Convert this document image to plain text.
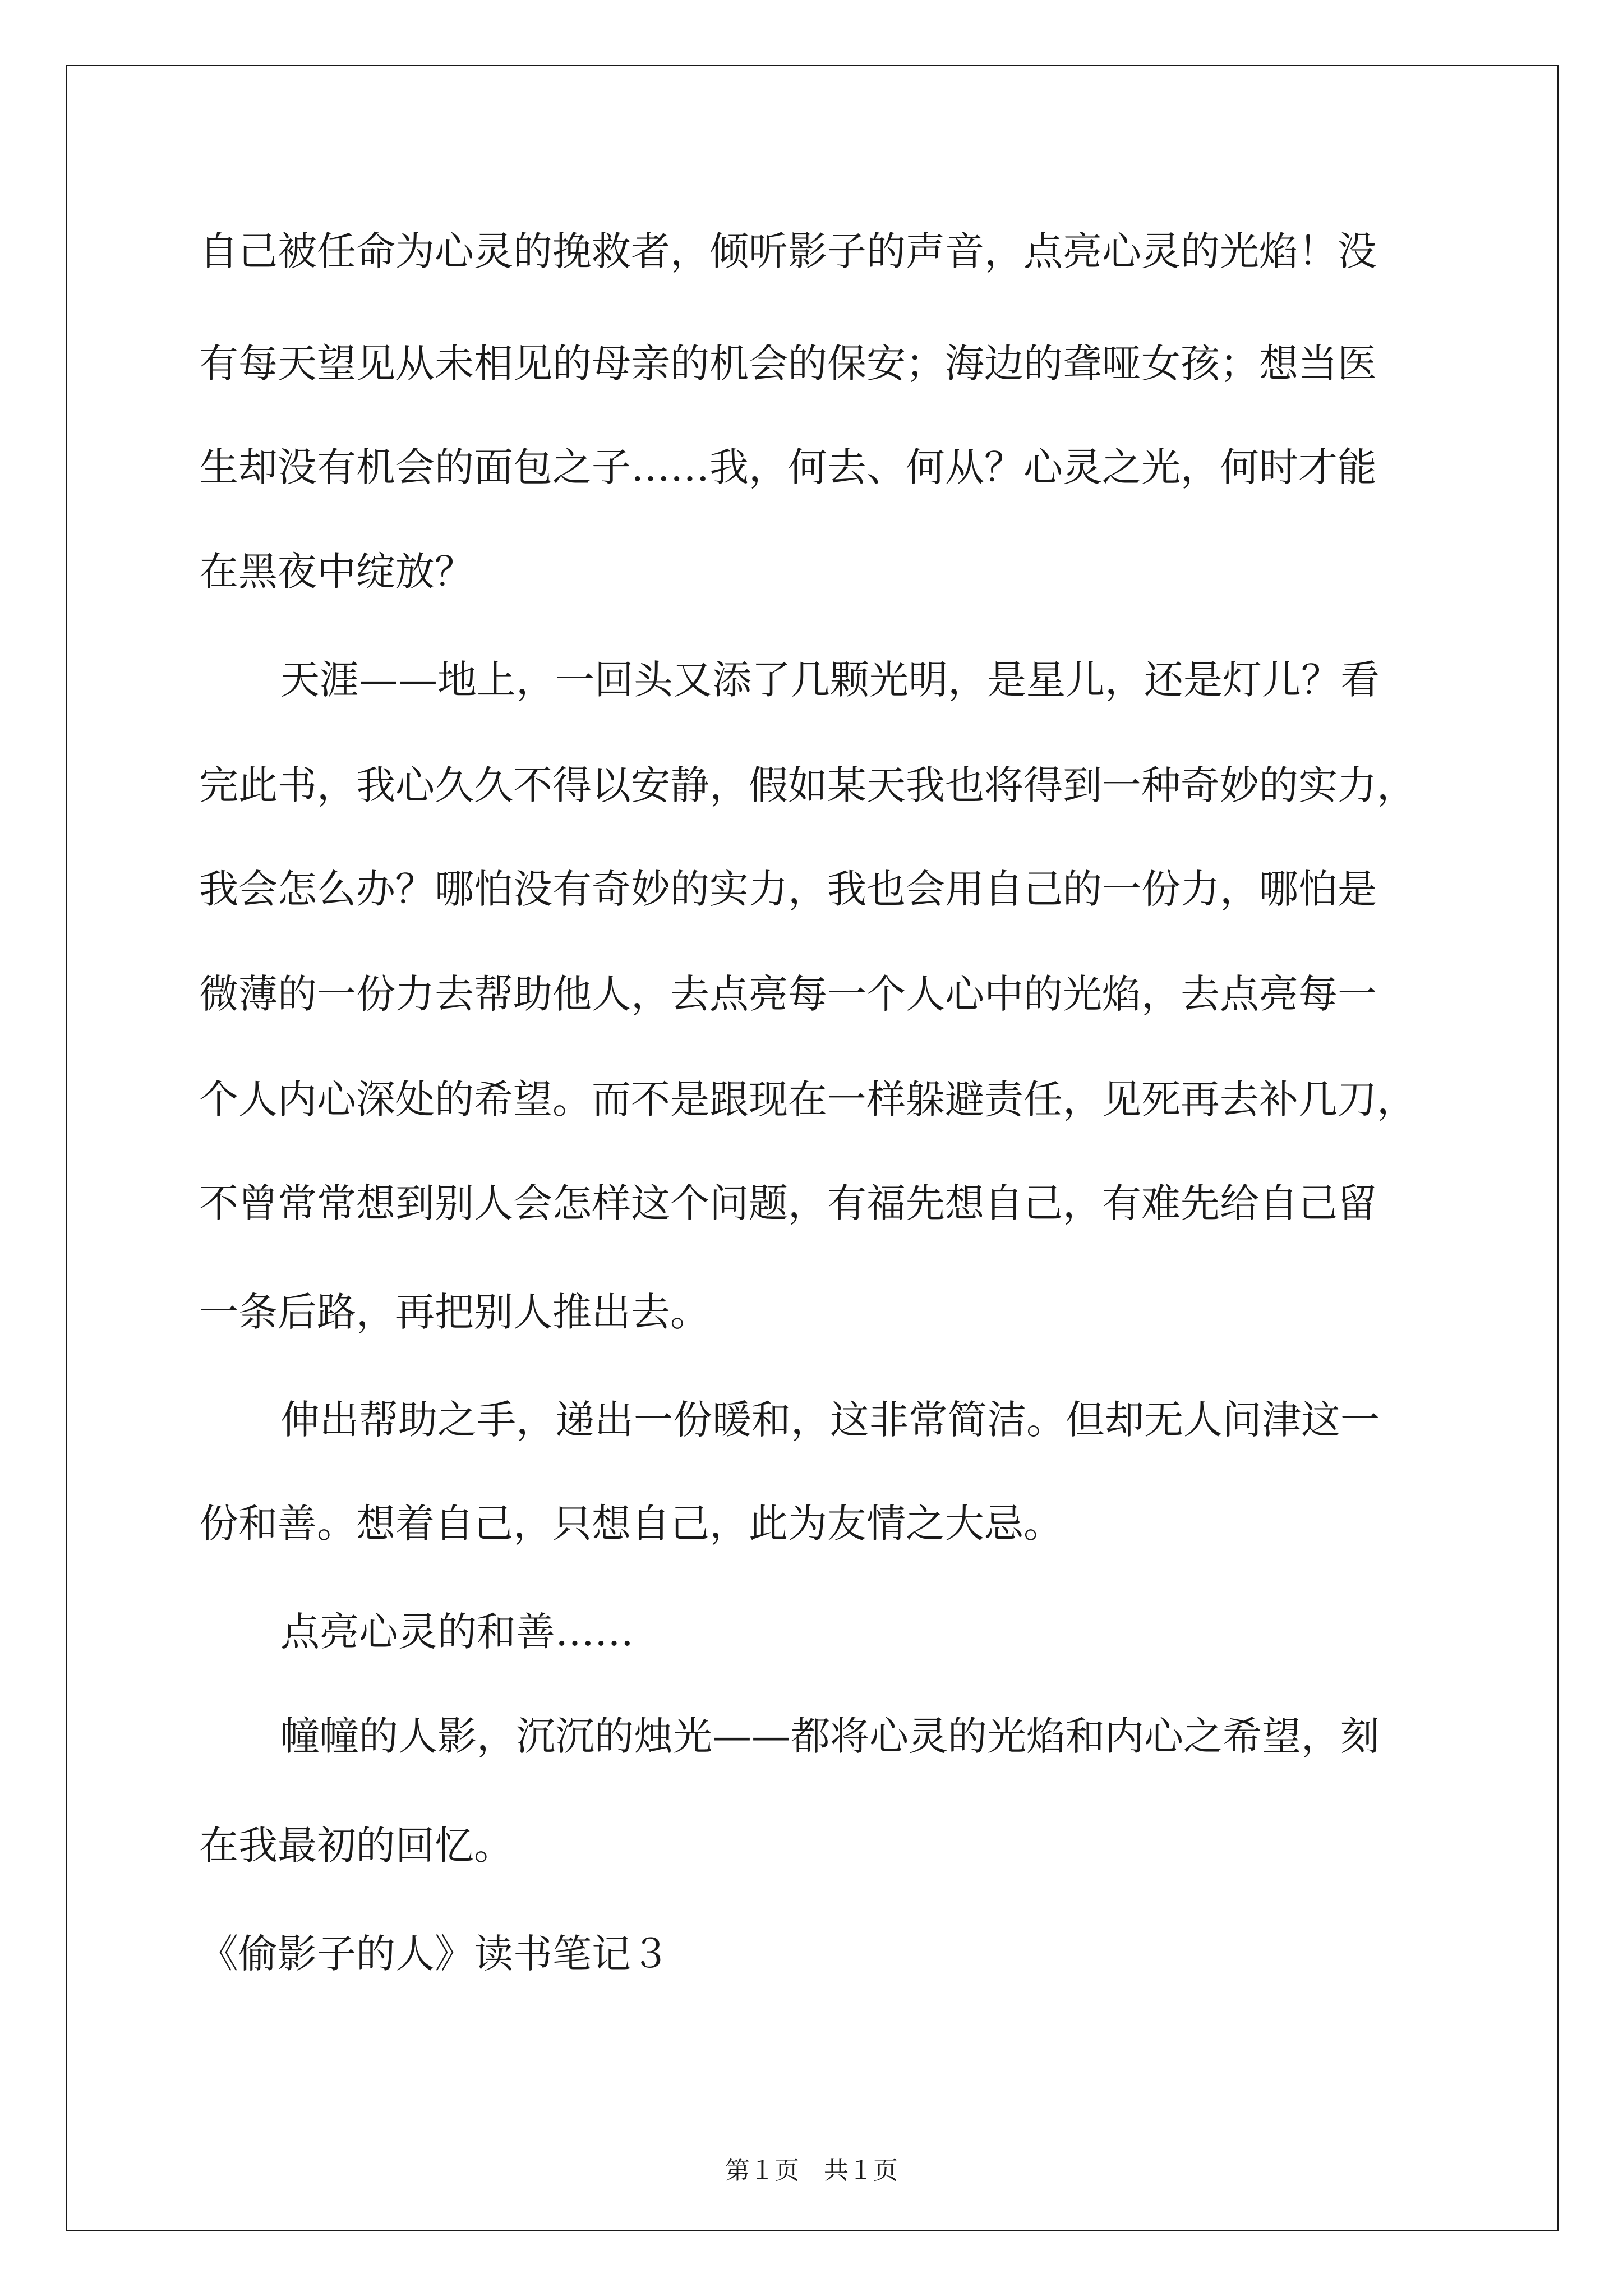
自己被任命为心灵的挽救者，倾听影子的声音，点亮心灵的光焰！没
有每天望见从未相见的母亲的机会的保安；海边的聋哑女孩；想当医
生却没有机会的面包之子……我，何去、何从？心灵之光，何时才能
在黑夜中绽放？
天涯——地上，一回头又添了几颗光明，是星儿，还是灯儿？看
完此书，我心久久不得以安静，假如某天我也将得到一种奇妙的实力，
我会怎么办？哪怕没有奇妙的实力，我也会用自己的一份力，哪怕是
微薄的一份力去帮助他人，去点亮每一个人心中的光焰，去点亮每一
个人内心深处的希望。而不是跟现在一样躲避责任，见死再去补几刀，
不曾常常想到别人会怎样这个问题，有福先想自己，有难先给自己留
一条后路，再把别人推出去。
伸出帮助之手，递出一份暖和，这非常简洁。但却无人问津这一
份和善。想着自己，只想自己，此为友情之大忌。
点亮心灵的和善……
幢幢的人影，沉沉的烛光——都将心灵的光焰和内心之希望，刻
在我最初的回忆。
《偷影子的人》读书笔记３
第１页　共１页
